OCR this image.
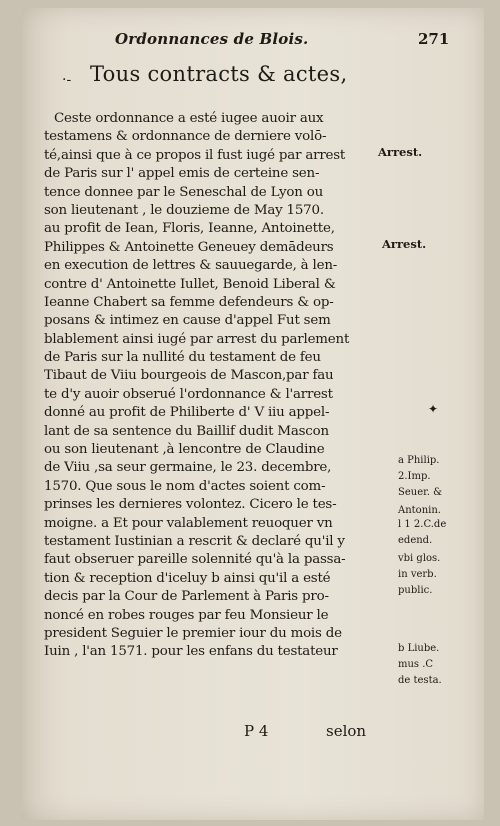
·-
Ordonnances de Blois.	271
Tous contracts & actes,
Ceste ordonnance a esté iugee auoir aux
testamens & ordonnance de derniere volō-
té,ainsi que à ce propos il fust iugé par arrest
de Paris sur l' appel emis de certeine sen-
tence donnee par le Seneschal de Lyon ou
son lieutenant , le douzieme de May 1570.
au profit de Iean, Floris, Ieanne, Antoinette,
Philippes & Antoinette Geneuey demādeurs
en execution de lettres & sauuegarde, à len-
contre d' Antoinette Iullet, Benoid Liberal &
Ieanne Chabert sa femme defendeurs & op-
posans & intimez en cause d'appel Fut sem
blablement ainsi iugé par arrest du parlement
de Paris sur la nullité du testament de feu
Tibaut de Viiu bourgeois de Mascon,par fau
te d'y auoir obserué l'ordonnance & l'arrest
donné au profit de Philiberte d' V iiu appel-
lant de sa sentence du Baillif dudit Mascon
ou son lieutenant ,à lencontre de Claudine
de Viiu ,sa seur germaine, le 23. decembre,
1570. Que sous le nom d'actes soient com-
prinses les dernieres volontez. Cicero le tes-
moigne. a Et pour valablement reuoquer vn
testament Iustinian a rescrit & declaré qu'il y
faut obseruer pareille solennité qu'à la passa-
tion & reception d'iceluy b ainsi qu'il a esté
decis par la Cour de Parlement à Paris pro-
noncé en robes rouges par feu Monsieur le
president Seguier le premier iour du mois de
Iuin , l'an 1571. pour les enfans du testateur
Arrest.
Arrest.
a Philip.
2.Imp.
Seuer. &
Antonin.
l 1 2.C.de
edend.
vbi glos.
in verb.
public.
b Liube.
mus .C
de testa.
✦
P 4	selon
